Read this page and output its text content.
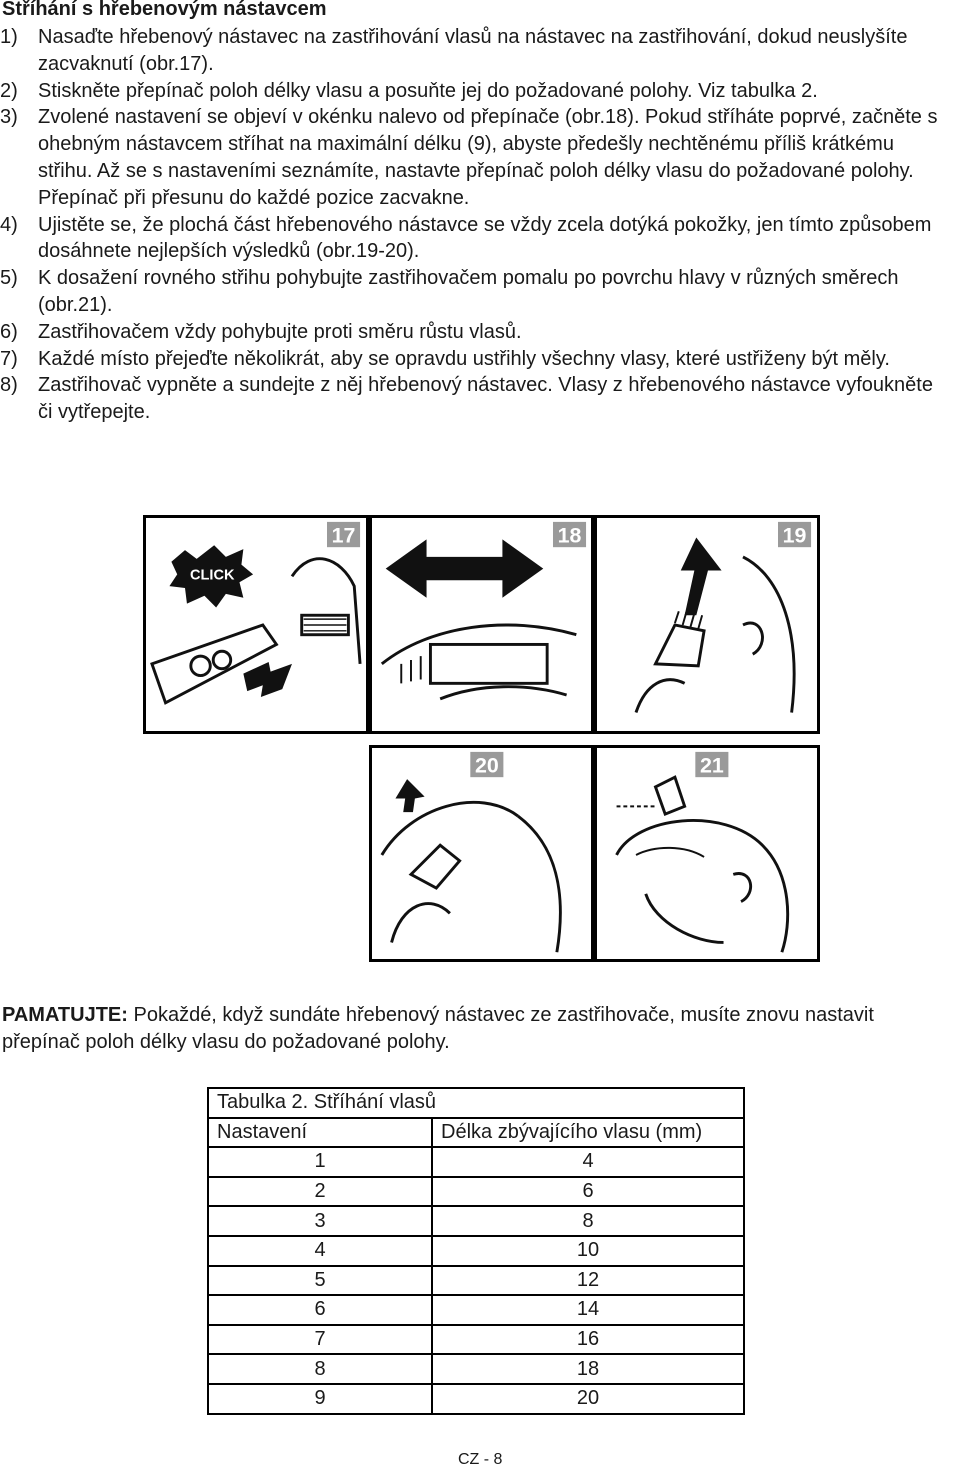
Stříhání s hřebenovým nástavcem
1)	Nasaďte hřebenový nástavec na zastřihování vlasů na nástavec na zastřihování, dokud neuslyšíte zacvaknutí (obr.17).
2)	Stiskněte přepínač poloh délky vlasu a posuňte jej do požadované polohy. Viz tabulka 2.
3)	Zvolené nastavení se objeví v okénku nalevo od přepínače (obr.18). Pokud stříháte poprvé, začněte s ohebným nástavcem stříhat na maximální délku (9), abyste předešly nechtěnému příliš krátkému střihu. Až se s nastaveními seznámíte, nastavte přepínač poloh délky vlasu do požadované polohy. Přepínač při přesunu do každé pozice zacvakne.
4)	Ujistěte se, že plochá část hřebenového nástavce se vždy zcela dotýká pokožky, jen tímto způsobem dosáhnete nejlepších výsledků (obr.19-20).
5)	K dosažení rovného střihu pohybujte zastřihovačem pomalu po povrchu hlavy v různých směrech (obr.21).
6)	Zastřihovačem vždy pohybujte proti směru růstu vlasů.
7)	Každé místo přejeďte několikrát, aby se opravdu ustřihly všechny vlasy, které ustřiženy být měly.
8)	Zastřihovač vypněte a sundejte z něj hřebenový nástavec. Vlasy z hřebenového nástavce vyfoukněte či vytřepejte.
17
CLICK
18	19
20	21
PAMATUJTE: Pokaždé, když sundáte hřebenový nástavec ze zastřihovače, musíte znovu nastavit přepínač poloh délky vlasu do požadované polohy.
Tabulka 2. Stříhání vlasů	
Nastavení	Délka zbývajícího vlasu (mm)
1	4
2	6
3	8
4	10
5	12
6	14
7	16
8	18
9	20
CZ - 8
